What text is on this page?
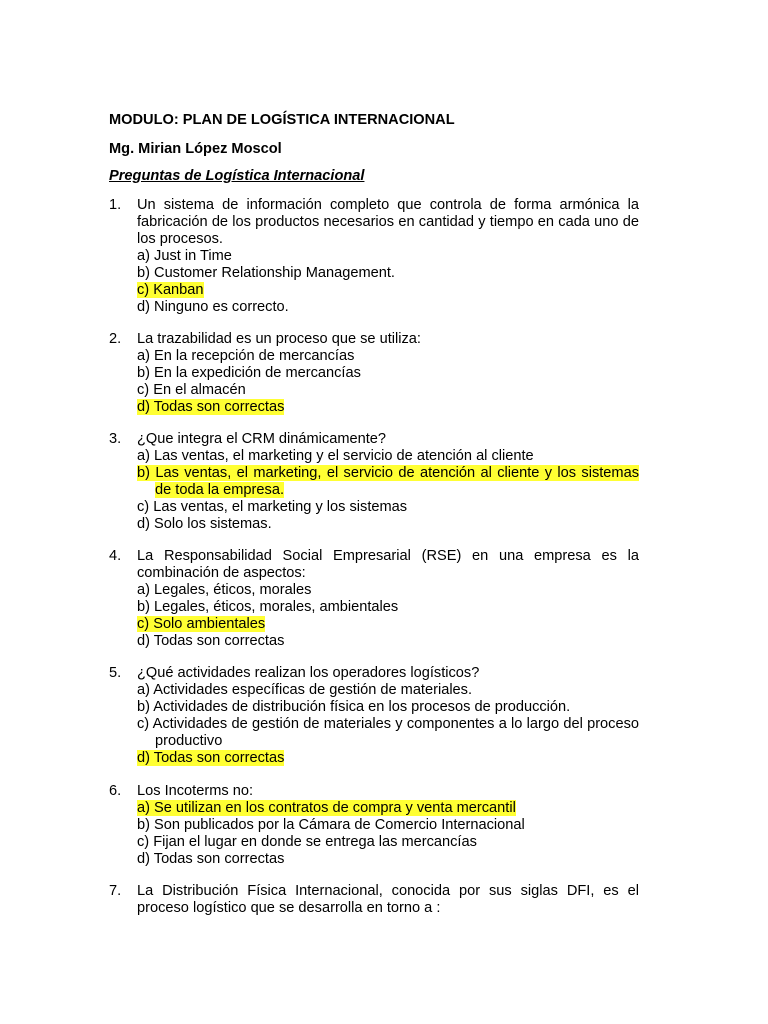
MODULO: PLAN DE LOGÍSTICA INTERNACIONAL
Mg. Mirian López Moscol
Preguntas de Logística Internacional
1. Un sistema de información completo que controla de forma armónica la fabricación de los productos necesarios en cantidad y tiempo en cada uno de los procesos.
a) Just in Time
b) Customer Relationship Management.
c) Kanban
d) Ninguno es correcto.
2. La trazabilidad es un proceso que se utiliza:
a) En la recepción de mercancías
b) En la expedición de mercancías
c) En el almacén
d) Todas son correctas
3. ¿Que integra el CRM dinámicamente?
a) Las ventas, el marketing y el servicio de atención al cliente
b) Las ventas, el marketing, el servicio de atención al cliente y los sistemas de toda la empresa.
c) Las ventas, el marketing y los sistemas
d) Solo los sistemas.
4. La Responsabilidad Social Empresarial (RSE) en una empresa es la combinación de aspectos:
a) Legales, éticos, morales
b) Legales, éticos, morales, ambientales
c) Solo ambientales
d) Todas son correctas
5. ¿Qué actividades realizan los operadores logísticos?
a) Actividades específicas de gestión de materiales.
b) Actividades de distribución física en los procesos de producción.
c) Actividades de gestión de materiales y componentes a lo largo del proceso productivo
d) Todas son correctas
6. Los Incoterms no:
a) Se utilizan en los contratos de compra y venta mercantil
b) Son publicados por la Cámara de Comercio Internacional
c) Fijan el lugar en donde se entrega las mercancías
d) Todas son correctas
7. La Distribución Física Internacional, conocida por sus siglas DFI, es el proceso logístico que se desarrolla en torno a :
